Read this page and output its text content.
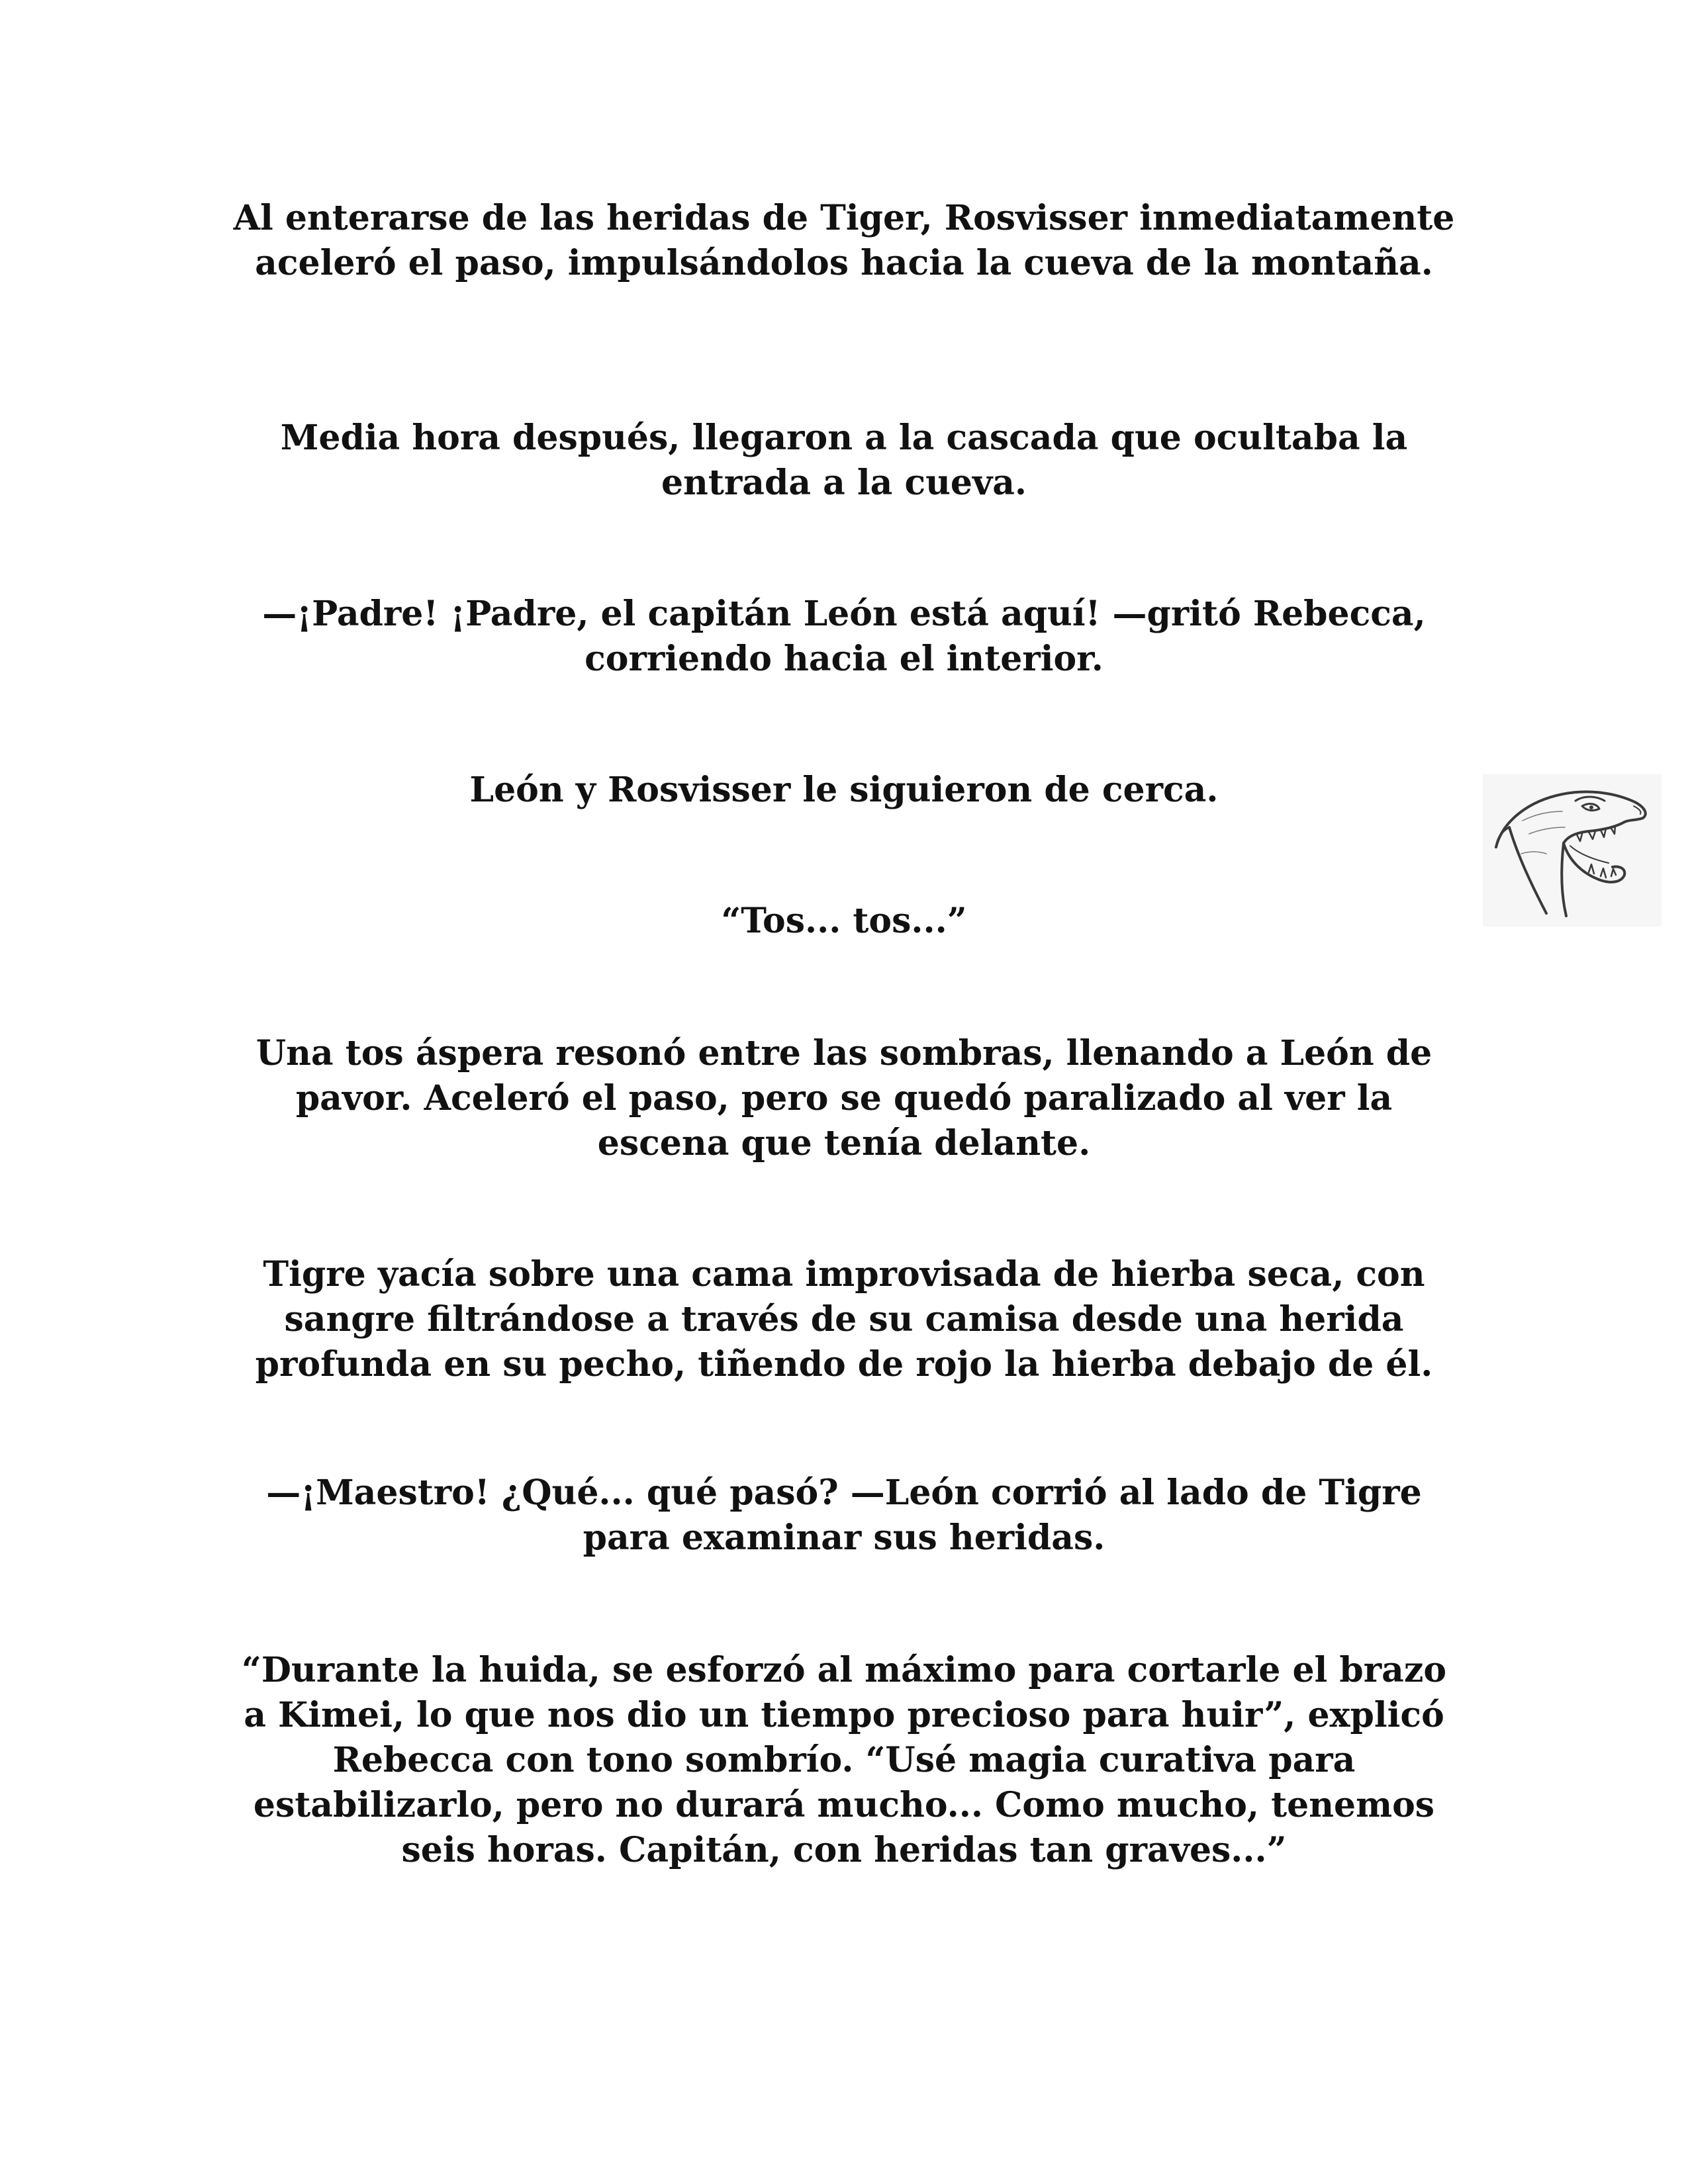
Al enterarse de las heridas de Tiger, Rosvisser inmediatamente aceleró el paso, impulsándolos hacia la cueva de la montaña.

Media hora después, llegaron a la cascada que ocultaba la entrada a la cueva.

—¡Padre! ¡Padre, el capitán León está aquí! —gritó Rebecca, corriendo hacia el interior.

León y Rosvisser le siguieron de cerca.

“Tos... tos...”

Una tos áspera resonó entre las sombras, llenando a León de pavor. Aceleró el paso, pero se quedó paralizado al ver la escena que tenía delante.

Tigre yacía sobre una cama improvisada de hierba seca, con sangre filtrándose a través de su camisa desde una herida profunda en su pecho, tiñendo de rojo la hierba debajo de él.

—¡Maestro! ¿Qué... qué pasó? —León corrió al lado de Tigre para examinar sus heridas.

“Durante la huida, se esforzó al máximo para cortarle el brazo a Kimei, lo que nos dio un tiempo precioso para huir”, explicó Rebecca con tono sombrío. “Usé magia curativa para estabilizarlo, pero no durará mucho... Como mucho, tenemos seis horas. Capitán, con heridas tan graves...”
